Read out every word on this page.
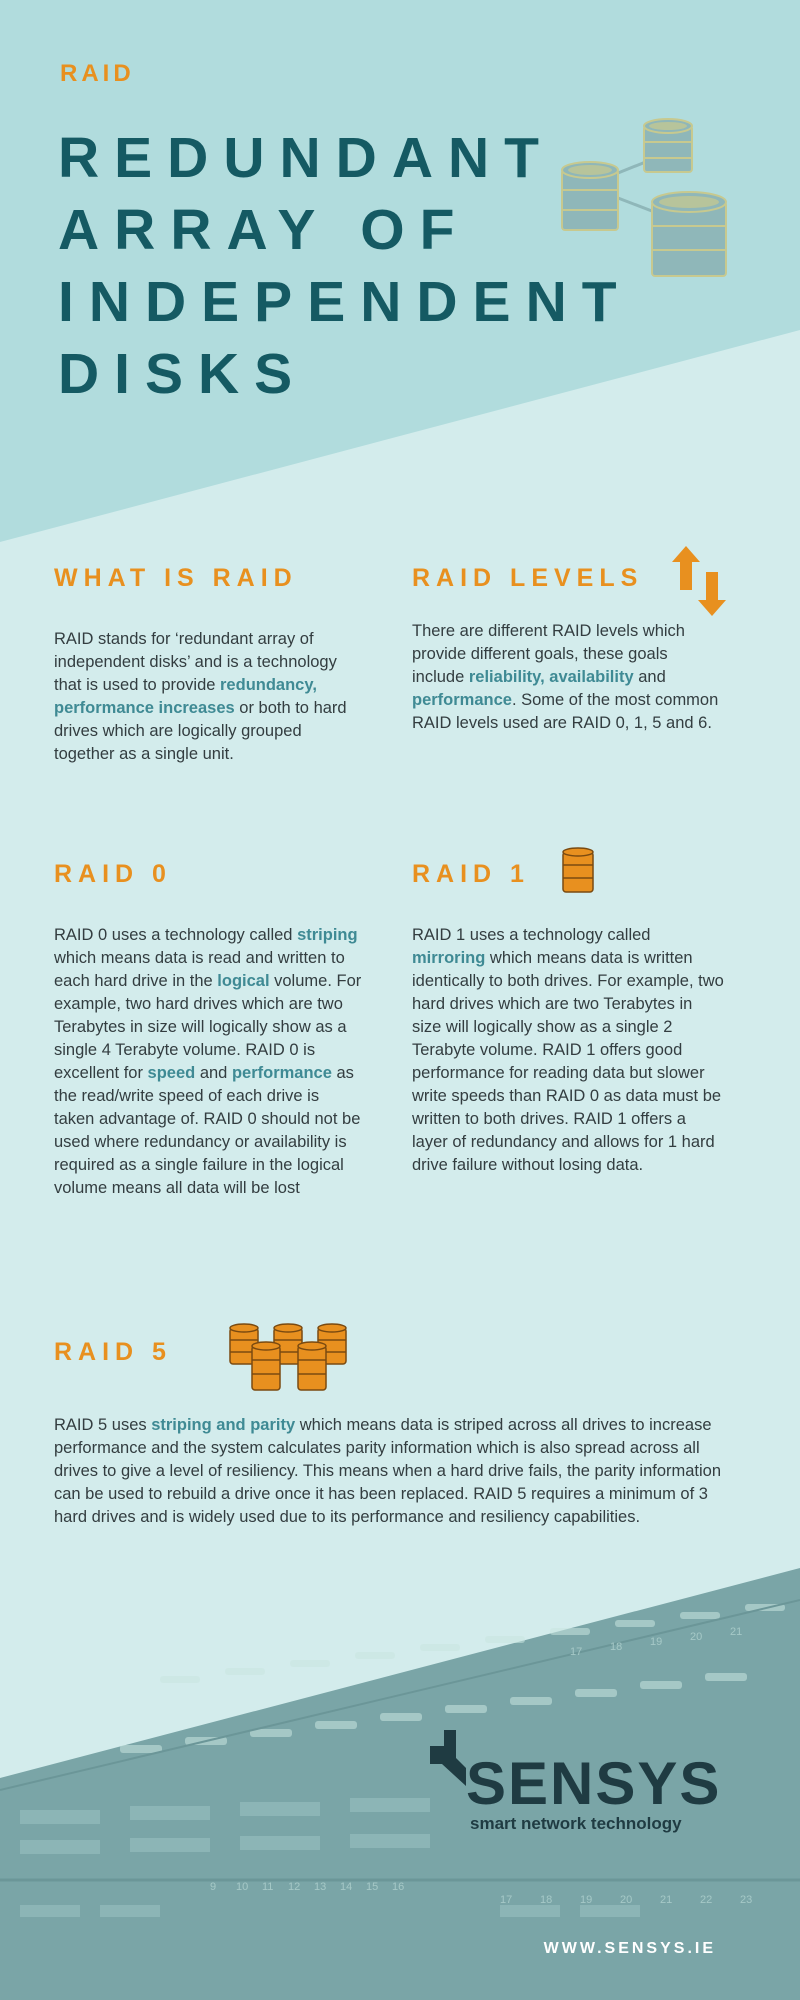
9 10 11 12 13 14 15 16
17	18	19	20	21	22	23
17	18	19	20	21
RAID
REDUNDANT
ARRAY OF
INDEPENDENT
DISKS
WHAT IS RAID

RAID stands for ‘redundant array of independent disks’ and is a technology that is used to provide redundancy, performance increases or both to hard drives which are logically grouped together as a single unit.

RAID LEVELS

There are different RAID levels which provide different goals, these goals include reliability, availability and performance. Some of the most common RAID levels used are RAID 0, 1, 5 and 6.

RAID 0

RAID 0 uses a technology called striping which means data is read and written to each hard drive in the logical volume. For example, two hard drives which are two Terabytes in size will logically show as a single 4 Terabyte volume. RAID 0 is excellent for speed and performance as the read/write speed of each drive is taken advantage of. RAID 0 should not be used where redundancy or availability is required as a single failure in the logical volume means all data will be lost

RAID 1

RAID 1 uses a technology called mirroring which means data is written identically to both drives. For example, two hard drives which are two Terabytes in size will logically show as a single 2 Terabyte volume. RAID 1 offers good performance for reading data but slower write speeds than RAID 0 as data must be written to both drives. RAID 1 offers a layer of redundancy and allows for 1 hard drive failure without losing data.

RAID 5

RAID 5 uses striping and parity which means data is striped across all drives to increase performance and the system calculates parity information which is also spread across all drives to give a level of resiliency. This means when a hard drive fails, the parity information can be used to rebuild a drive once it has been replaced. RAID 5 requires a minimum of 3 hard drives and is widely used due to its performance and resiliency capabilities.

SENSYS
smart network technology
WWW.SENSYS.IE
